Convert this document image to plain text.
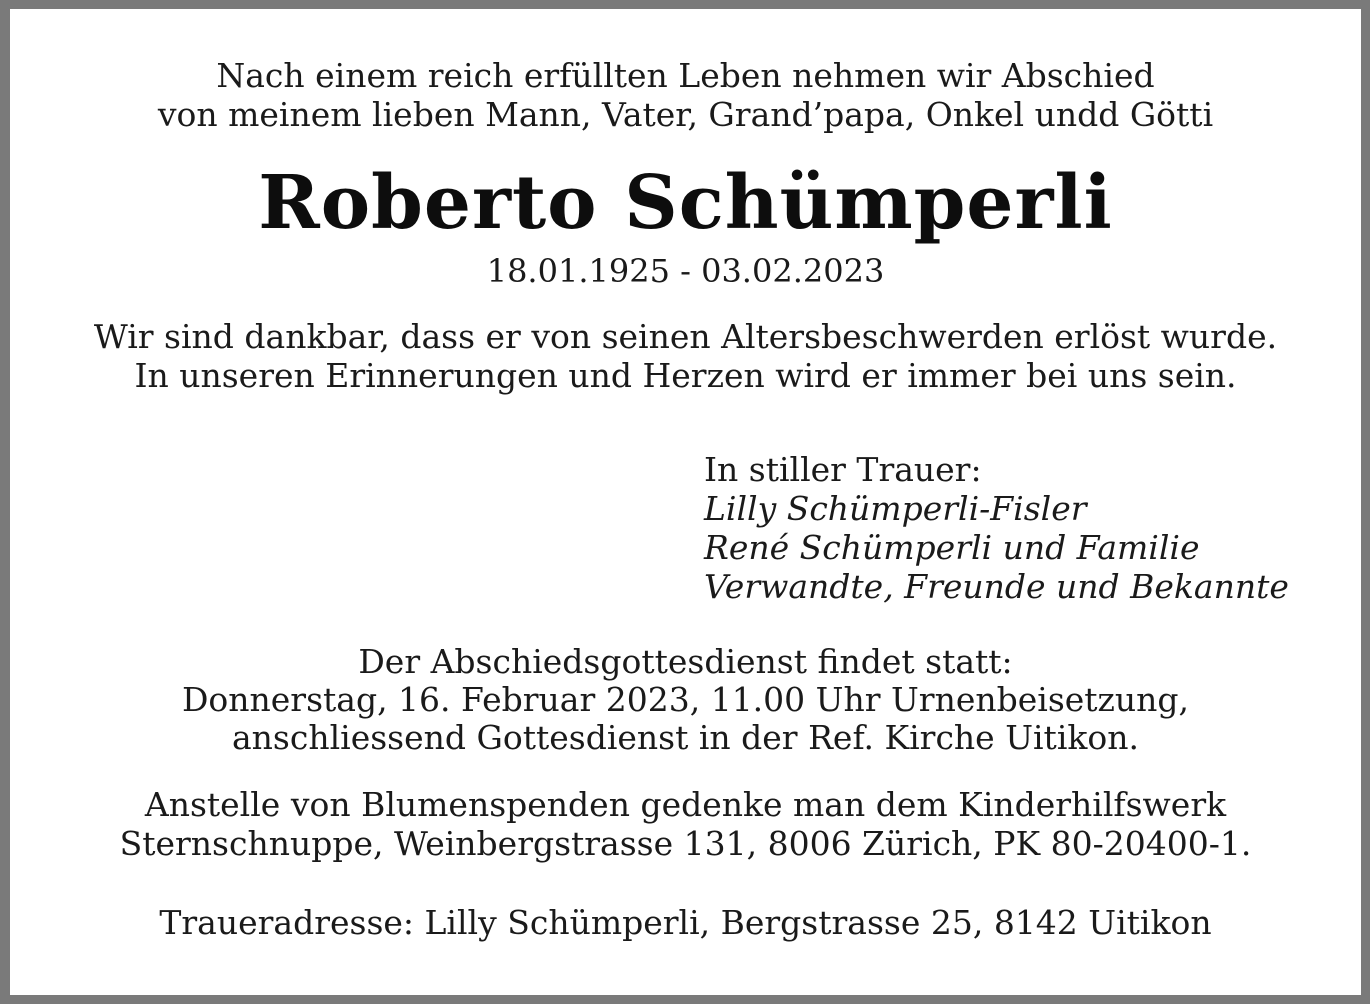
Nach einem reich erfüllten Leben nehmen wir Abschied
von meinem lieben Mann, Vater, Grand’papa, Onkel undd Götti
Roberto Schümperli
18.01.1925 - 03.02.2023
Wir sind dankbar, dass er von seinen Altersbeschwerden erlöst wurde.
In unseren Erinnerungen und Herzen wird er immer bei uns sein.
In stiller Trauer:
Lilly Schümperli-Fisler
René Schümperli und Familie
Verwandte, Freunde und Bekannte
Der Abschiedsgottesdienst findet statt:
Donnerstag, 16. Februar 2023, 11.00 Uhr Urnenbeisetzung,
anschliessend Gottesdienst in der Ref. Kirche Uitikon.
Anstelle von Blumenspenden gedenke man dem Kinderhilfswerk
Sternschnuppe, Weinbergstrasse 131, 8006 Zürich, PK 80-20400-1.
Traueradresse: Lilly Schümperli, Bergstrasse 25, 8142 Uitikon
